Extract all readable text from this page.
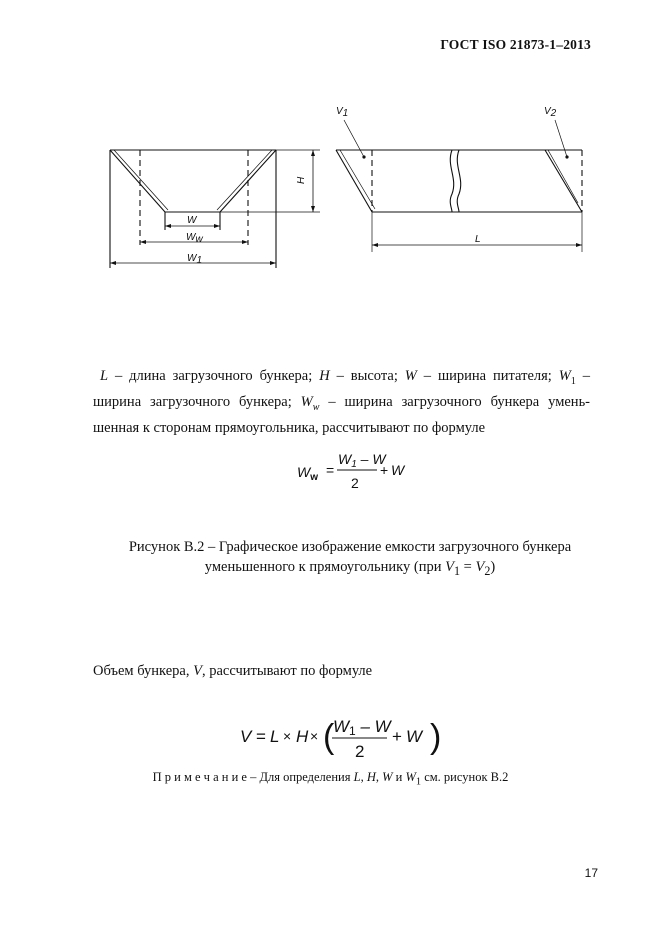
ГОСТ ISO 21873-1–2013
V1	V2
H
W
Ww
W1
L
L – длина загрузочного бункера; H – высота; W – ширина питателя; $W_1$ – ширина загрузочного бункера; $W_w$ – ширина загрузочного бункера умень-шенная к сторонам прямоугольника, рассчитывают по формуле
$W_w$ =
$W_1$ – W
2
+ W
Рисунок В.2 – Графическое изображение емкости загрузочного бункера
уменьшенного к прямоугольнику (при $V_1 = V_2$)
Объем бункера, V, рассчитывают по формуле
V = L × H × (
W1 – W
2
+ W )
П р и м е ч а н и е – Для определения L, H, W и $W_1$ см. рисунок В.2
17
